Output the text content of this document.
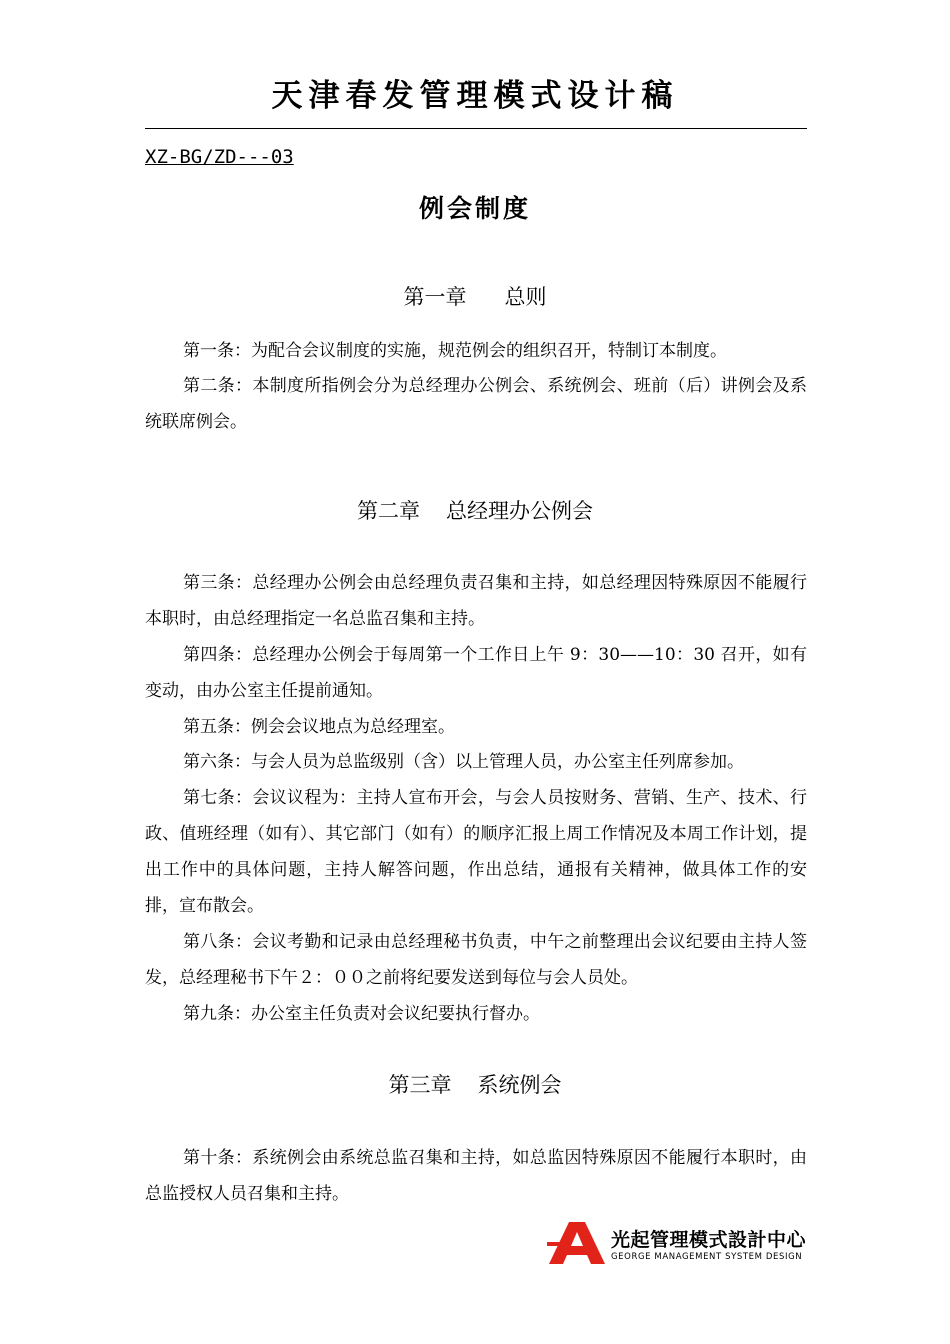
天津春发管理模式设计稿
XZ-BG/ZD---03
例会制度
第一章 总则

第一条：为配合会议制度的实施，规范例会的组织召开，特制订本制度。

第二条：本制度所指例会分为总经理办公例会、系统例会、班前（后）讲例会及系统联席例会。

第二章 总经理办公例会

第三条：总经理办公例会由总经理负责召集和主持，如总经理因特殊原因不能履行本职时，由总经理指定一名总监召集和主持。

第四条：总经理办公例会于每周第一个工作日上午 9：30——10：30 召开，如有变动，由办公室主任提前通知。

第五条：例会会议地点为总经理室。

第六条：与会人员为总监级别（含）以上管理人员，办公室主任列席参加。

第七条：会议议程为：主持人宣布开会，与会人员按财务、营销、生产、技术、行政、值班经理（如有）、其它部门（如有）的顺序汇报上周工作情况及本周工作计划，提出工作中的具体问题，主持人解答问题，作出总结，通报有关精神，做具体工作的安排，宣布散会。

第八条：会议考勤和记录由总经理秘书负责，中午之前整理出会议纪要由主持人签发，总经理秘书下午２：００之前将纪要发送到每位与会人员处。

第九条：办公室主任负责对会议纪要执行督办。

第三章 系统例会

第十条：系统例会由系统总监召集和主持，如总监因特殊原因不能履行本职时，由总监授权人员召集和主持。

光起管理模式設計中心
GEORGE MANAGEMENT SYSTEM DESIGN
